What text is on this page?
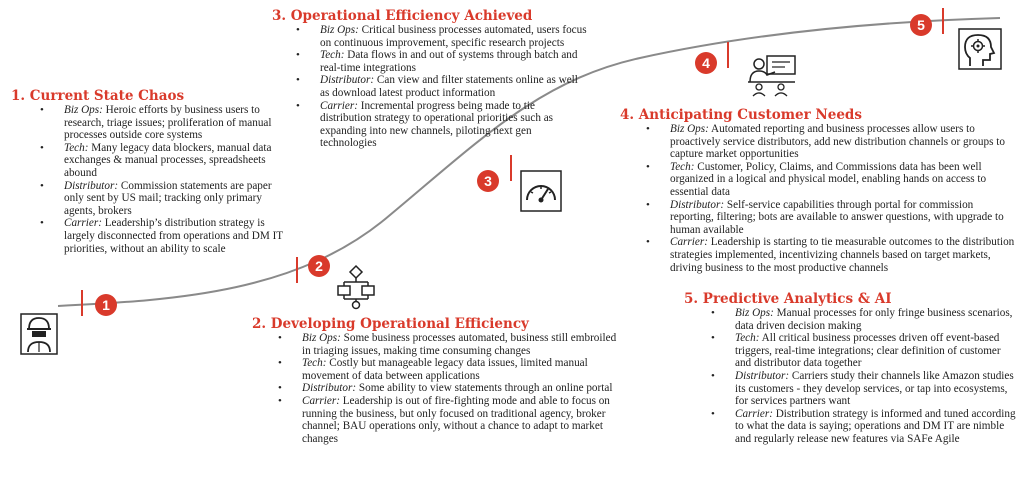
1. Current State Chaos
• Biz Ops: Heroic efforts by business users to research, triage issues; proliferation of manual processes outside core systems
• Tech: Many legacy data blockers, manual data exchanges & manual processes, spreadsheets abound
• Distributor: Commission statements are paper only sent by US mail; tracking only primary agents, brokers
• Carrier: Leadership’s distribution strategy is largely disconnected from operations and DM IT priorities, without an ability to scale
1
2. Developing Operational Efficiency
• Biz Ops: Some business processes automated, business still embroiled in triaging issues, making time consuming changes
• Tech: Costly but manageable legacy data issues, limited manual movement of data between applications
• Distributor: Some ability to view statements through an online portal
• Carrier: Leadership is out of fire-fighting mode and able to focus on running the business, but only focused on traditional agency, broker channel; BAU operations only, without a chance to adapt to market changes
2
3. Operational Efficiency Achieved
• Biz Ops: Critical business processes automated, users focus on continuous improvement, specific research projects
• Tech: Data flows in and out of systems through batch and real-time integrations
• Distributor: Can view and filter statements online as well as download latest product information
• Carrier: Incremental progress being made to tie distribution strategy to operational priorities such as expanding into new channels, piloting next gen technologies
3
4. Anticipating Customer Needs
• Biz Ops: Automated reporting and business processes allow users to proactively service distributors, add new distribution channels or groups to capture market opportunities
• Tech: Customer, Policy, Claims, and Commissions data has been well organized in a logical and physical model, enabling hands on access to essential data
• Distributor: Self-service capabilities through portal for commission reporting, filtering; bots are available to answer questions, with upgrade to human available
• Carrier: Leadership is starting to tie measurable outcomes to the distribution strategies implemented, incentivizing channels based on target markets, driving business to the most productive channels
4
5. Predictive Analytics & AI
• Biz Ops: Manual processes for only fringe business scenarios, data driven decision making
• Tech: All critical business processes driven off event-based triggers, real-time integrations; clear definition of customer and distributor data together
• Distributor: Carriers study their channels like Amazon studies its customers - they develop services, or tap into ecosystems, for services partners want
• Carrier: Distribution strategy is informed and tuned according to what the data is saying; operations and DM IT are nimble and regularly release new features via SAFe Agile
5
